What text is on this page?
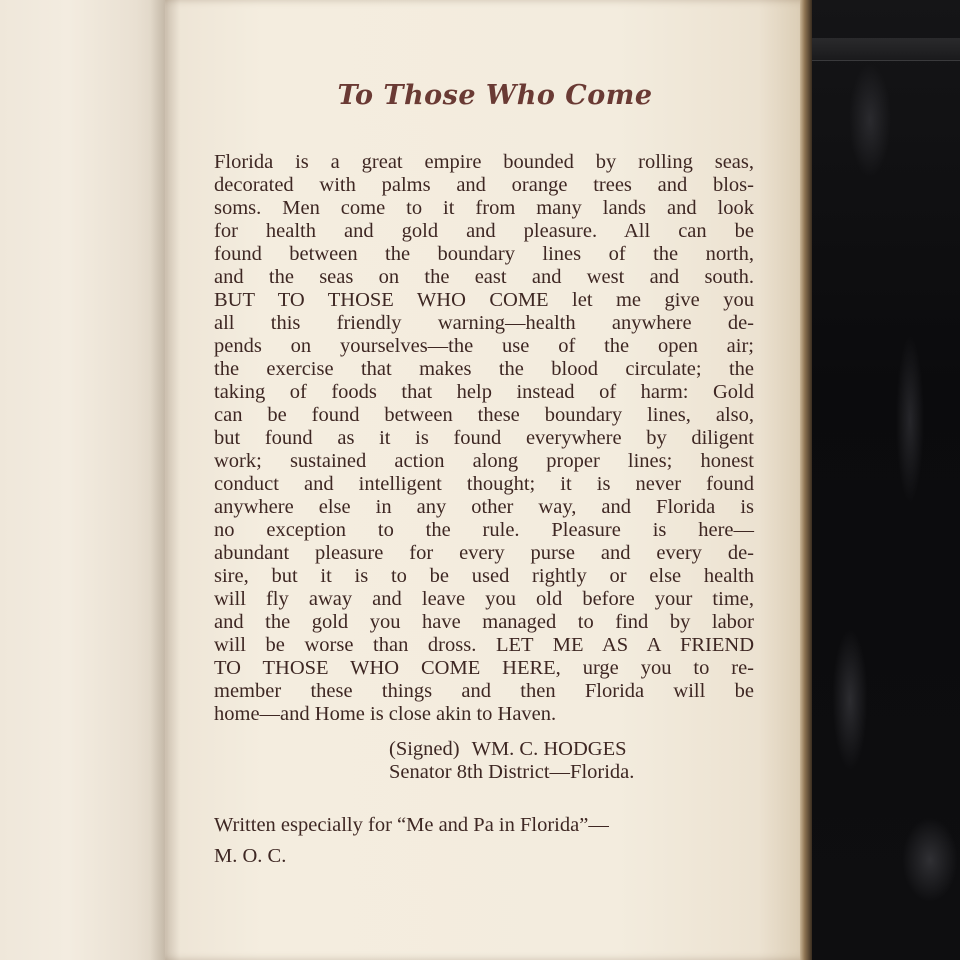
To Those Who Come

Florida is a great empire bounded by rolling seas,
decorated with palms and orange trees and blos-
soms. Men come to it from many lands and look
for health and gold and pleasure. All can be
found between the boundary lines of the north,
and the seas on the east and west and south.
BUT TO THOSE WHO COME let me give you
all this friendly warning—health anywhere de-
pends on yourselves—the use of the open air;
the exercise that makes the blood circulate; the
taking of foods that help instead of harm: Gold
can be found between these boundary lines, also,
but found as it is found everywhere by diligent
work; sustained action along proper lines; honest
conduct and intelligent thought; it is never found
anywhere else in any other way, and Florida is
no exception to the rule. Pleasure is here—
abundant pleasure for every purse and every de-
sire, but it is to be used rightly or else health
will fly away and leave you old before your time,
and the gold you have managed to find by labor
will be worse than dross. LET ME AS A FRIEND
TO THOSE WHO COME HERE, urge you to re-
member these things and then Florida will be
home—and Home is close akin to Haven.

(Signed) WM. C. HODGES
Senator 8th District—Florida.
Written especially for “Me and Pa in Florida”—
M. O. C.
